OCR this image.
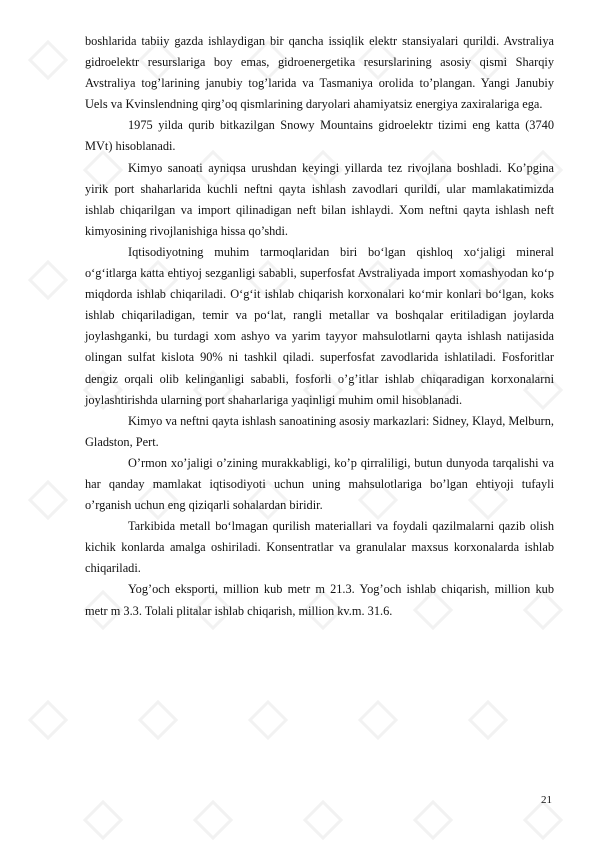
boshlarida tabiiy gazda ishlaydigan bir qancha issiqlik elektr stansiyalari qurildi. Avstraliya gidroelektr resurslariga boy emas, gidroenergetika resurslarining asosiy qismi Sharqiy Avstraliya tog’larining janubiy tog’larida va Tasmaniya orolida to’plangan. Yangi Janubiy Uels va Kvinslendning qirg’oq qismlarining daryolari ahamiyatsiz energiya zaxiralariga ega.

1975 yilda qurib bitkazilgan Snowy Mountains gidroelektr tizimi eng katta (3740 MVt) hisoblanadi.

Kimyo sanoati ayniqsa urushdan keyingi yillarda tez rivojlana boshladi. Ko’pgina yirik port shaharlarida kuchli neftni qayta ishlash zavodlari qurildi, ular mamlakatimizda ishlab chiqarilgan va import qilinadigan neft bilan ishlaydi. Xom neftni qayta ishlash neft kimyosining rivojlanishiga hissa qo’shdi.

Iqtisodiyotning muhim tarmoqlaridan biri bo‘lgan qishloq xo‘jaligi mineral o‘g‘itlarga katta ehtiyoj sezganligi sababli, superfosfat Avstraliyada import xomashyodan ko‘p miqdorda ishlab chiqariladi. O‘g‘it ishlab chiqarish korxonalari ko‘mir konlari bo‘lgan, koks ishlab chiqariladigan, temir va po‘lat, rangli metallar va boshqalar eritiladigan joylarda joylashganki, bu turdagi xom ashyo va yarim tayyor mahsulotlarni qayta ishlash natijasida olingan sulfat kislota 90% ni tashkil qiladi. superfosfat zavodlarida ishlatiladi. Fosforitlar dengiz orqali olib kelinganligi sababli, fosforli o’g’itlar ishlab chiqaradigan korxonalarni joylashtirishda ularning port shaharlariga yaqinligi muhim omil hisoblanadi.

Kimyo va neftni qayta ishlash sanoatining asosiy markazlari: Sidney, Klayd, Melburn, Gladston, Pert.

O’rmon xo’jaligi o’zining murakkabligi, ko’p qirraliligi, butun dunyoda tarqalishi va har qanday mamlakat iqtisodiyoti uchun uning mahsulotlariga bo’lgan ehtiyoji tufayli o’rganish uchun eng qiziqarli sohalardan biridir.

Tarkibida metall bo‘lmagan qurilish materiallari va foydali qazilmalarni qazib olish kichik konlarda amalga oshiriladi. Konsentratlar va granulalar maxsus korxonalarda ishlab chiqariladi.

Yog’och eksporti, million kub metr m 21.3. Yog’och ishlab chiqarish, million kub metr m 3.3. Tolali plitalar ishlab chiqarish, million kv.m. 31.6.

21
